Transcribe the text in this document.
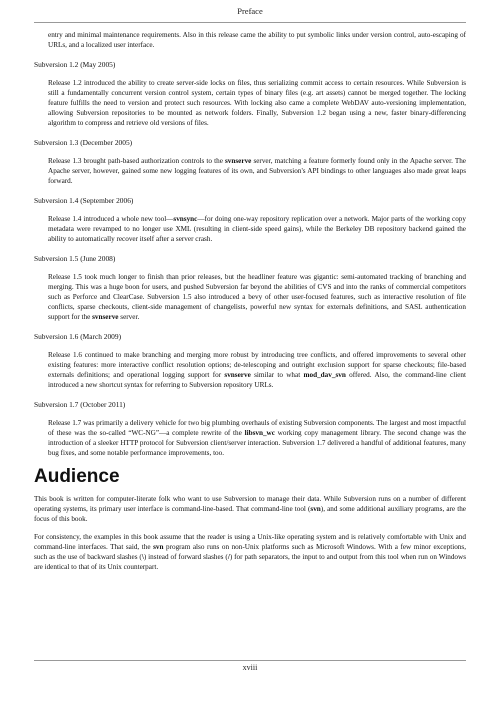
Preface

entry and minimal maintenance requirements. Also in this release came the ability to put symbolic links under version control, auto-escaping of URLs, and a localized user interface.

Subversion 1.2 (May 2005)

Release 1.2 introduced the ability to create server-side locks on files, thus serializing commit access to certain resources. While Subversion is still a fundamentally concurrent version control system, certain types of binary files (e.g. art assets) cannot be merged together. The locking feature fulfills the need to version and protect such resources. With locking also came a complete WebDAV auto-versioning implementation, allowing Subversion repositories to be mounted as network folders. Finally, Subversion 1.2 began using a new, faster binary-differencing algorithm to compress and retrieve old versions of files.

Subversion 1.3 (December 2005)

Release 1.3 brought path-based authorization controls to the svnserve server, matching a feature formerly found only in the Apache server. The Apache server, however, gained some new logging features of its own, and Subversion's API bindings to other languages also made great leaps forward.

Subversion 1.4 (September 2006)

Release 1.4 introduced a whole new tool—svnsync—for doing one-way repository replication over a network. Major parts of the working copy metadata were revamped to no longer use XML (resulting in client-side speed gains), while the Berkeley DB repository backend gained the ability to automatically recover itself after a server crash.

Subversion 1.5 (June 2008)

Release 1.5 took much longer to finish than prior releases, but the headliner feature was gigantic: semi-automated tracking of branching and merging. This was a huge boon for users, and pushed Subversion far beyond the abilities of CVS and into the ranks of commercial competitors such as Perforce and ClearCase. Subversion 1.5 also introduced a bevy of other user-focused features, such as interactive resolution of file conflicts, sparse checkouts, client-side management of changelists, powerful new syntax for externals definitions, and SASL authentication support for the svnserve server.

Subversion 1.6 (March 2009)

Release 1.6 continued to make branching and merging more robust by introducing tree conflicts, and offered improvements to several other existing features: more interactive conflict resolution options; de-telescoping and outright exclusion support for sparse checkouts; file-based externals definitions; and operational logging support for svnserve similar to what mod_dav_svn offered. Also, the command-line client introduced a new shortcut syntax for referring to Subversion repository URLs.

Subversion 1.7 (October 2011)

Release 1.7 was primarily a delivery vehicle for two big plumbing overhauls of existing Subversion components. The largest and most impactful of these was the so-called “WC-NG”—a complete rewrite of the libsvn_wc working copy management library. The second change was the introduction of a sleeker HTTP protocol for Subversion client/server interaction. Subversion 1.7 delivered a handful of additional features, many bug fixes, and some notable performance improvements, too.

Audience

This book is written for computer-literate folk who want to use Subversion to manage their data. While Subversion runs on a number of different operating systems, its primary user interface is command-line-based. That command-line tool (svn), and some additional auxiliary programs, are the focus of this book.

For consistency, the examples in this book assume that the reader is using a Unix-like operating system and is relatively comfortable with Unix and command-line interfaces. That said, the svn program also runs on non-Unix platforms such as Microsoft Windows. With a few minor exceptions, such as the use of backward slashes (\) instead of forward slashes (/) for path separators, the input to and output from this tool when run on Windows are identical to that of its Unix counterpart.

xviii
